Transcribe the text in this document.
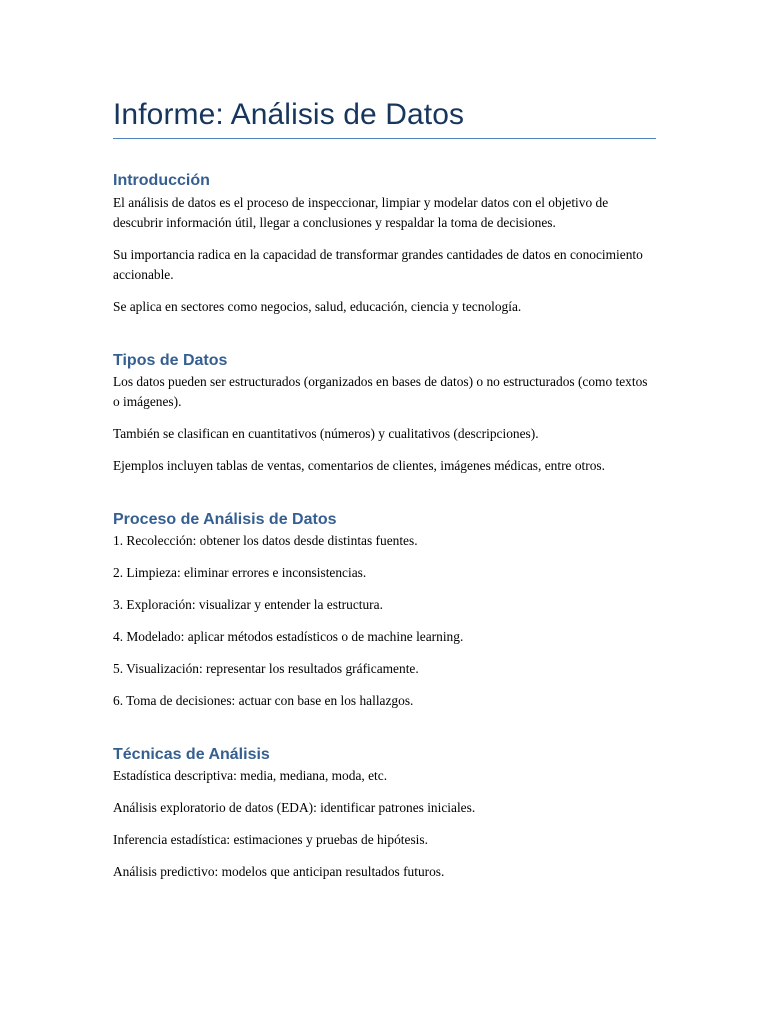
Informe: Análisis de Datos
Introducción

El análisis de datos es el proceso de inspeccionar, limpiar y modelar datos con el objetivo de descubrir información útil, llegar a conclusiones y respaldar la toma de decisiones.

Su importancia radica en la capacidad de transformar grandes cantidades de datos en conocimiento accionable.

Se aplica en sectores como negocios, salud, educación, ciencia y tecnología.

Tipos de Datos

Los datos pueden ser estructurados (organizados en bases de datos) o no estructurados (como textos o imágenes).

También se clasifican en cuantitativos (números) y cualitativos (descripciones).

Ejemplos incluyen tablas de ventas, comentarios de clientes, imágenes médicas, entre otros.

Proceso de Análisis de Datos

1. Recolección: obtener los datos desde distintas fuentes.

2. Limpieza: eliminar errores e inconsistencias.

3. Exploración: visualizar y entender la estructura.

4. Modelado: aplicar métodos estadísticos o de machine learning.

5. Visualización: representar los resultados gráficamente.

6. Toma de decisiones: actuar con base en los hallazgos.

Técnicas de Análisis

Estadística descriptiva: media, mediana, moda, etc.

Análisis exploratorio de datos (EDA): identificar patrones iniciales.

Inferencia estadística: estimaciones y pruebas de hipótesis.

Análisis predictivo: modelos que anticipan resultados futuros.
